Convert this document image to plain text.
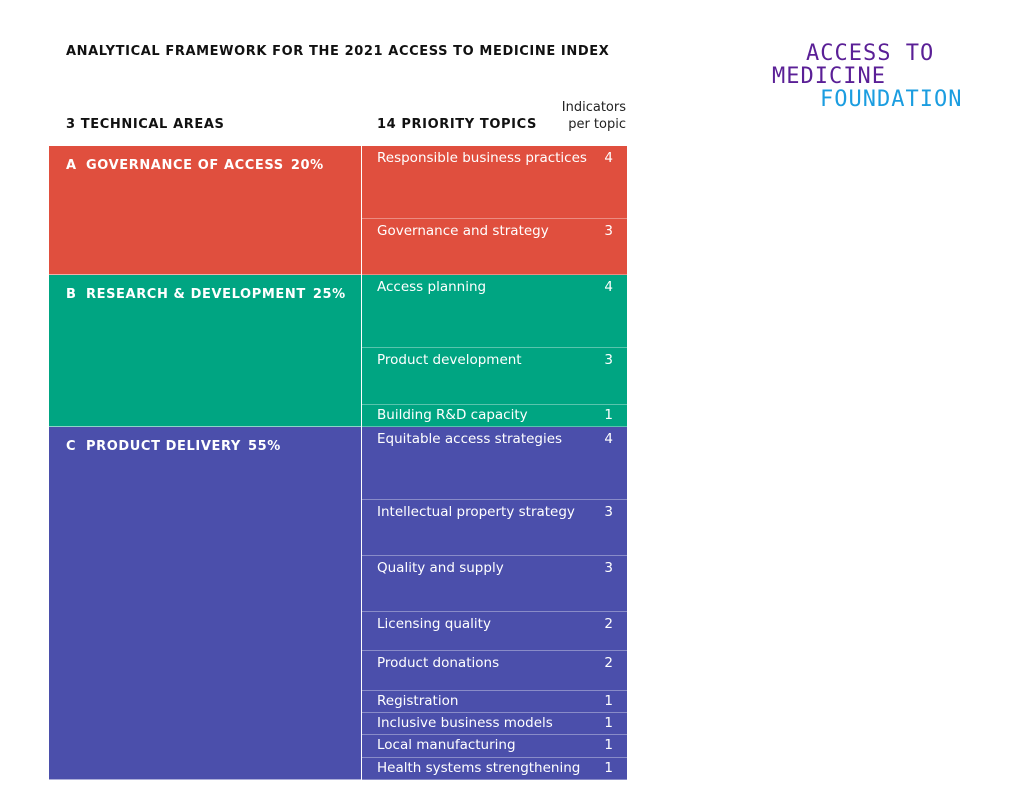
ANALYTICAL FRAMEWORK FOR THE 2021 ACCESS TO MEDICINE INDEX	ACCESS TO
MEDICINE
FOUNDATION
3 TECHNICAL AREAS	14 PRIORITY TOPICS
Indicators
per topic
A GOVERNANCE OF ACCESS 20%	Responsible business practices 4
Governance and strategy	3
B RESEARCH & DEVELOPMENT 25%	Access planning	4
Product development	3
Building R&D capacity	1
C PRODUCT DELIVERY 55%	Equitable access strategies	4
Intellectual property strategy 3
Quality and supply	3
Licensing quality	2
Product donations	2
Registration	1
Inclusive business models	1
Local manufacturing	1
Health systems strengthening 1
